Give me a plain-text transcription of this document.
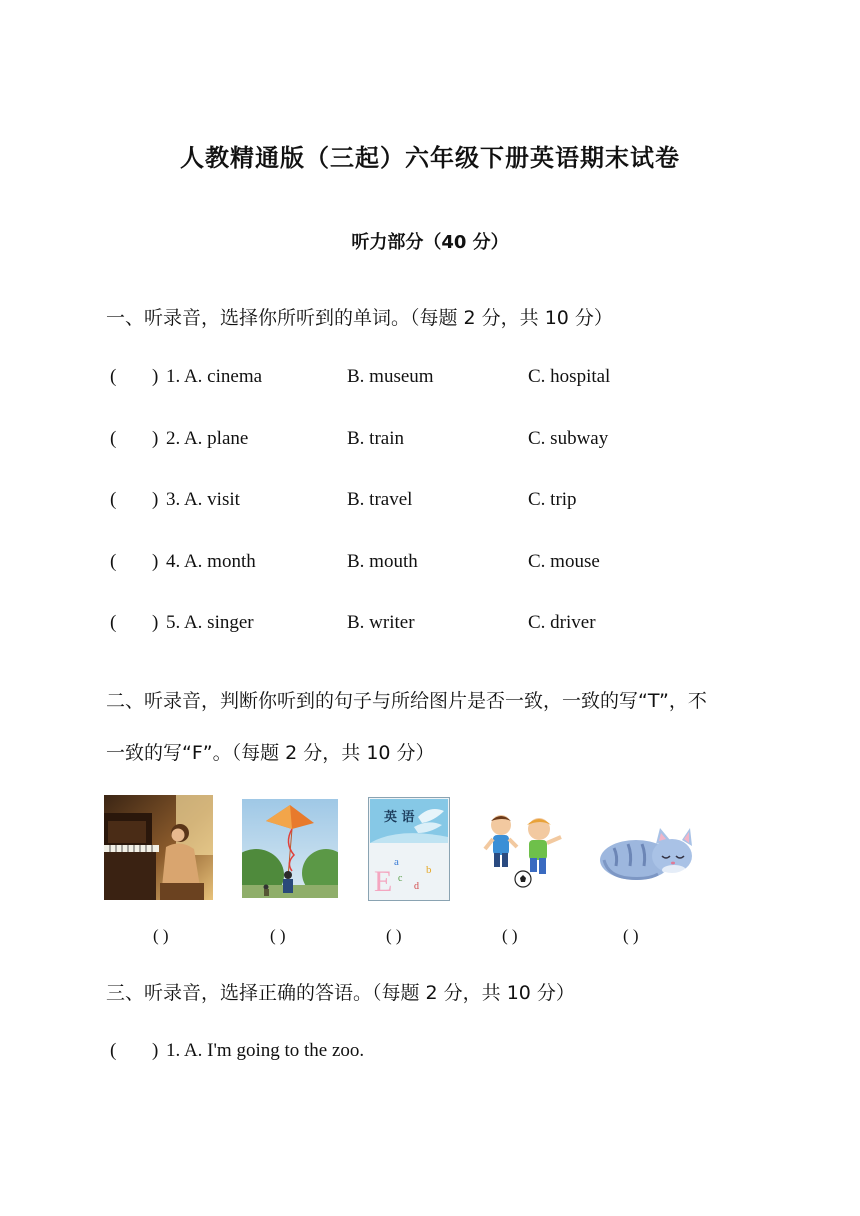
人教精通版（三起）六年级下册英语期末试卷
听力部分（40 分）
一、听录音，选择你所听到的单词。（每题 2 分，共 10 分）
( ) 1. A. cinema	B. museum	C. hospital
( ) 2. A. plane	B. train	C. subway
( ) 3. A. visit	B. travel	C. trip
( ) 4. A. month	B. mouth	C. mouse
( ) 5. A. singer	B. writer	C. driver
二、听录音，判断你听到的句子与所给图片是否一致，一致的写“T”，不
一致的写“F”。（每题 2 分，共 10 分）
英 语
E
a
b
c
d
( )	( )	( )	( )	( )
三、听录音，选择正确的答语。（每题 2 分，共 10 分）
( ) 1. A. I'm going to the zoo.
